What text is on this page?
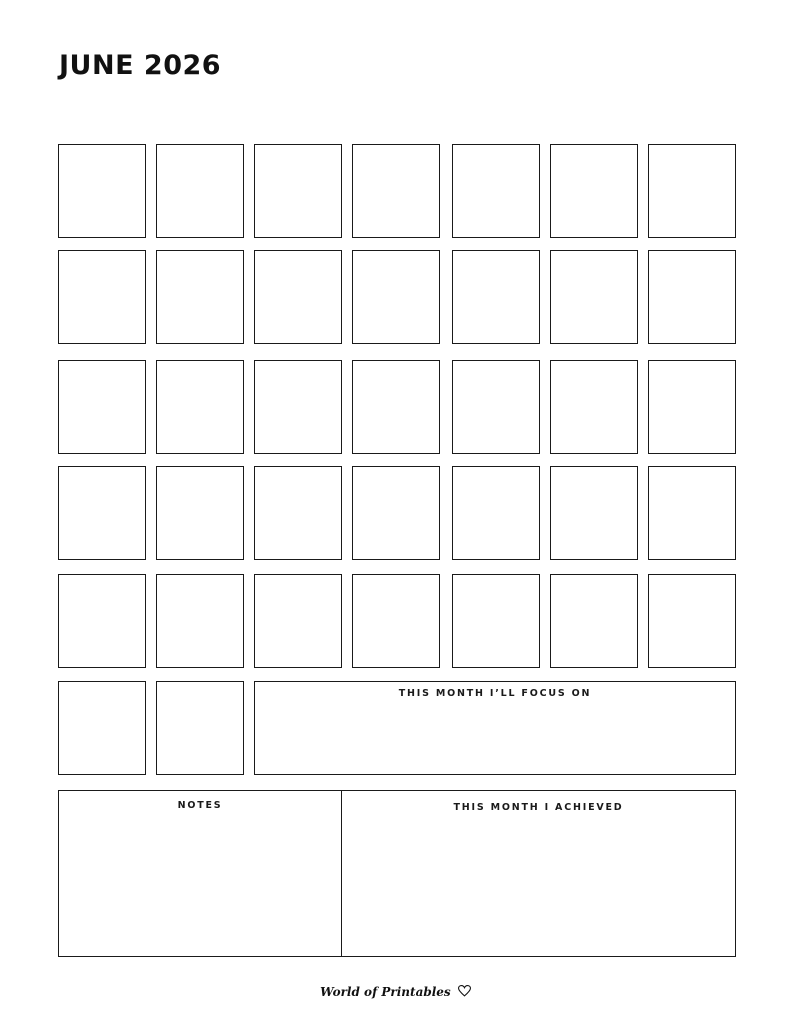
JUNE 2026
THIS MONTH I’LL FOCUS ON
NOTES	THIS MONTH I ACHIEVED
World of Printables
